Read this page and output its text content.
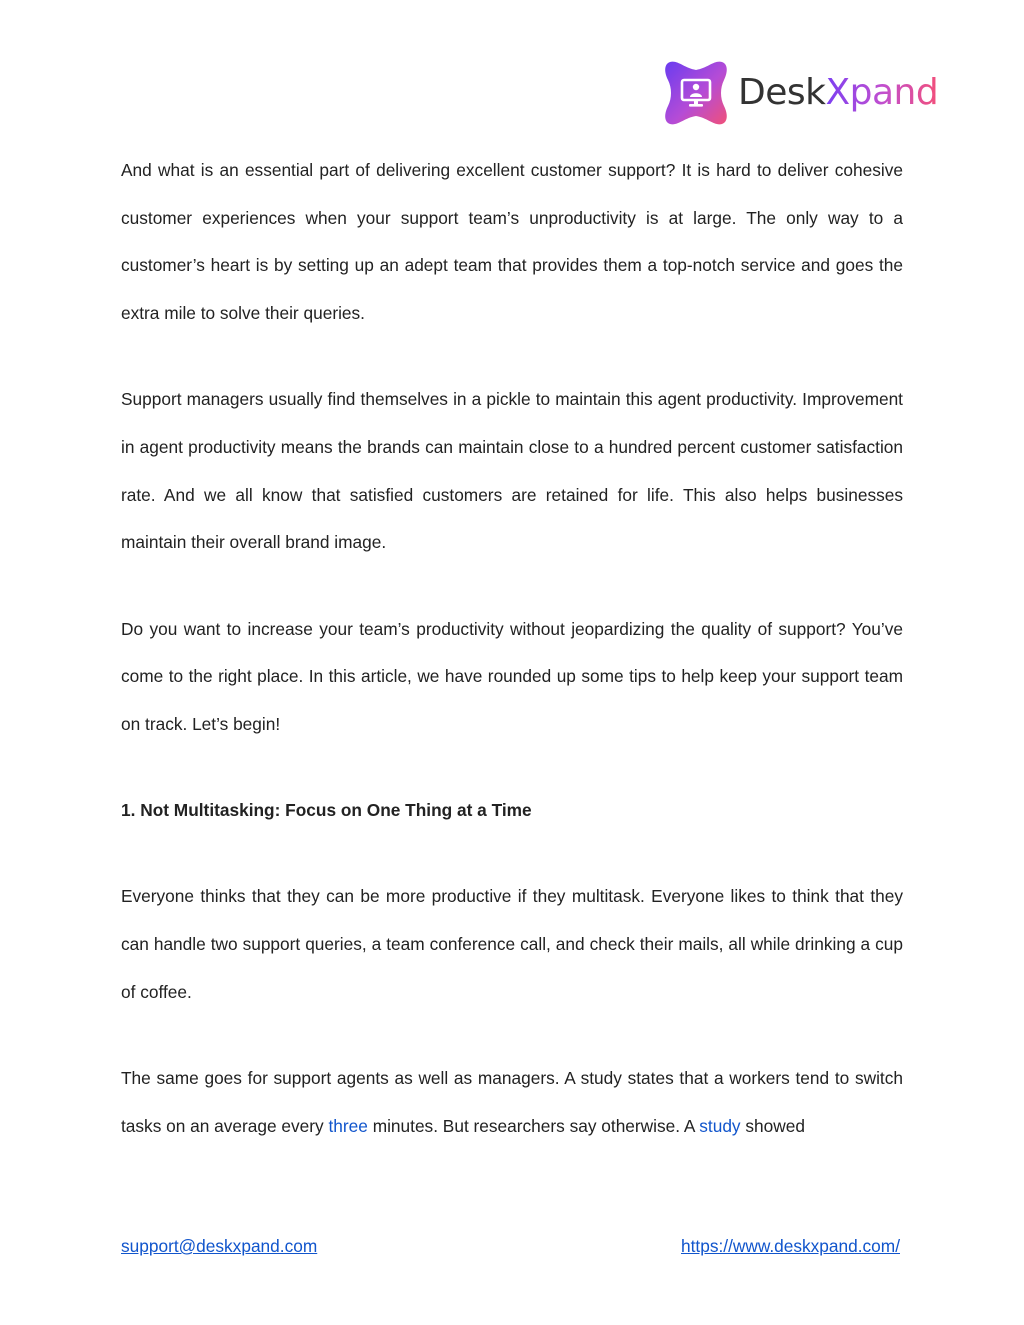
DeskXpand

And what is an essential part of delivering excellent customer support? It is hard to deliver cohesive customer experiences when your support team’s unproductivity is at large. The only way to a customer’s heart is by setting up an adept team that provides them a top-notch service and goes the extra mile to solve their queries.

Support managers usually find themselves in a pickle to maintain this agent productivity. Improvement in agent productivity means the brands can maintain close to a hundred percent customer satisfaction rate. And we all know that satisfied customers are retained for life. This also helps businesses maintain their overall brand image.

Do you want to increase your team’s productivity without jeopardizing the quality of support? You’ve come to the right place. In this article, we have rounded up some tips to help keep your support team on track. Let’s begin!

1. Not Multitasking: Focus on One Thing at a Time

Everyone thinks that they can be more productive if they multitask. Everyone likes to think that they can handle two support queries, a team conference call, and check their mails, all while drinking a cup of coffee.

The same goes for support agents as well as managers. A study states that a workers tend to switch tasks on an average every three minutes. But researchers say otherwise. A study showed

support@deskxpand.com	https://www.deskxpand.com/
